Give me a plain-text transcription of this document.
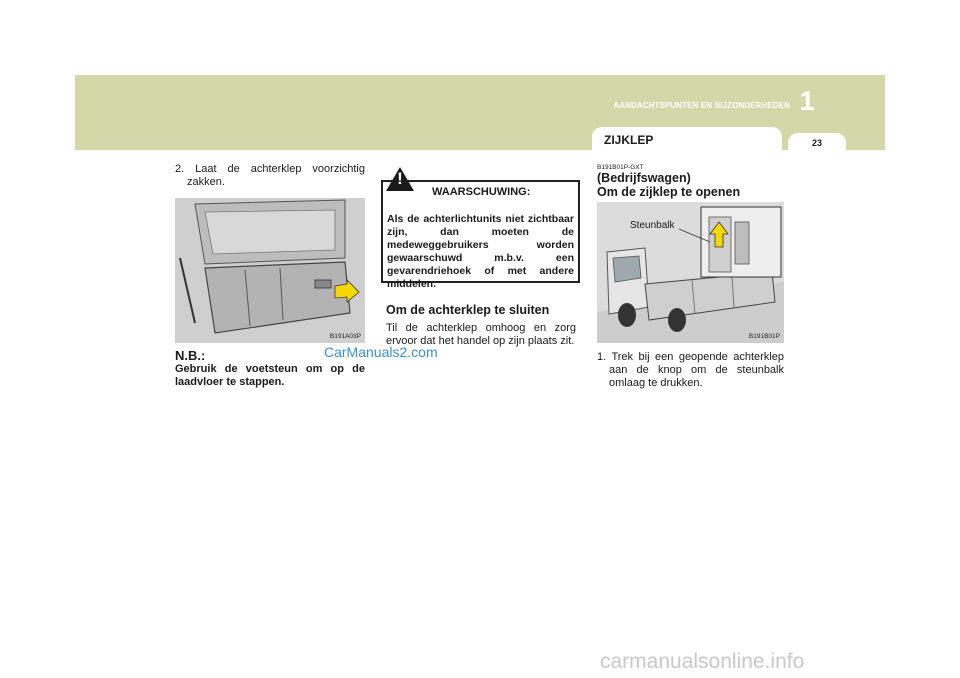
AANDACHTSPUNTEN EN BIJZONDERHEDEN 1
ZIJKLEP	23
2. Laat de achterklep voorzichtig zakken.
B191A03P
N.B.:
Gebruik de voetsteun om op de laadvloer te stappen.
Als de achterlichtunits niet zichtbaar zijn, dan moeten de medeweggebruikers worden gewaarschuwd m.b.v. een gevarendriehoek of met andere middelen.
!
WAARSCHUWING:
Om de achterklep te sluiten
Til de achterklep omhoog en zorg ervoor dat het handel op zijn plaats zit.
B191B01P-GXT
(Bedrijfswagen)
Om de zijklep te openen
Steunbalk
B191B01P
1. Trek bij een geopende achterklep aan de knop om de steunbalk omlaag te drukken.
CarManuals2.com
carmanualsonline.info
